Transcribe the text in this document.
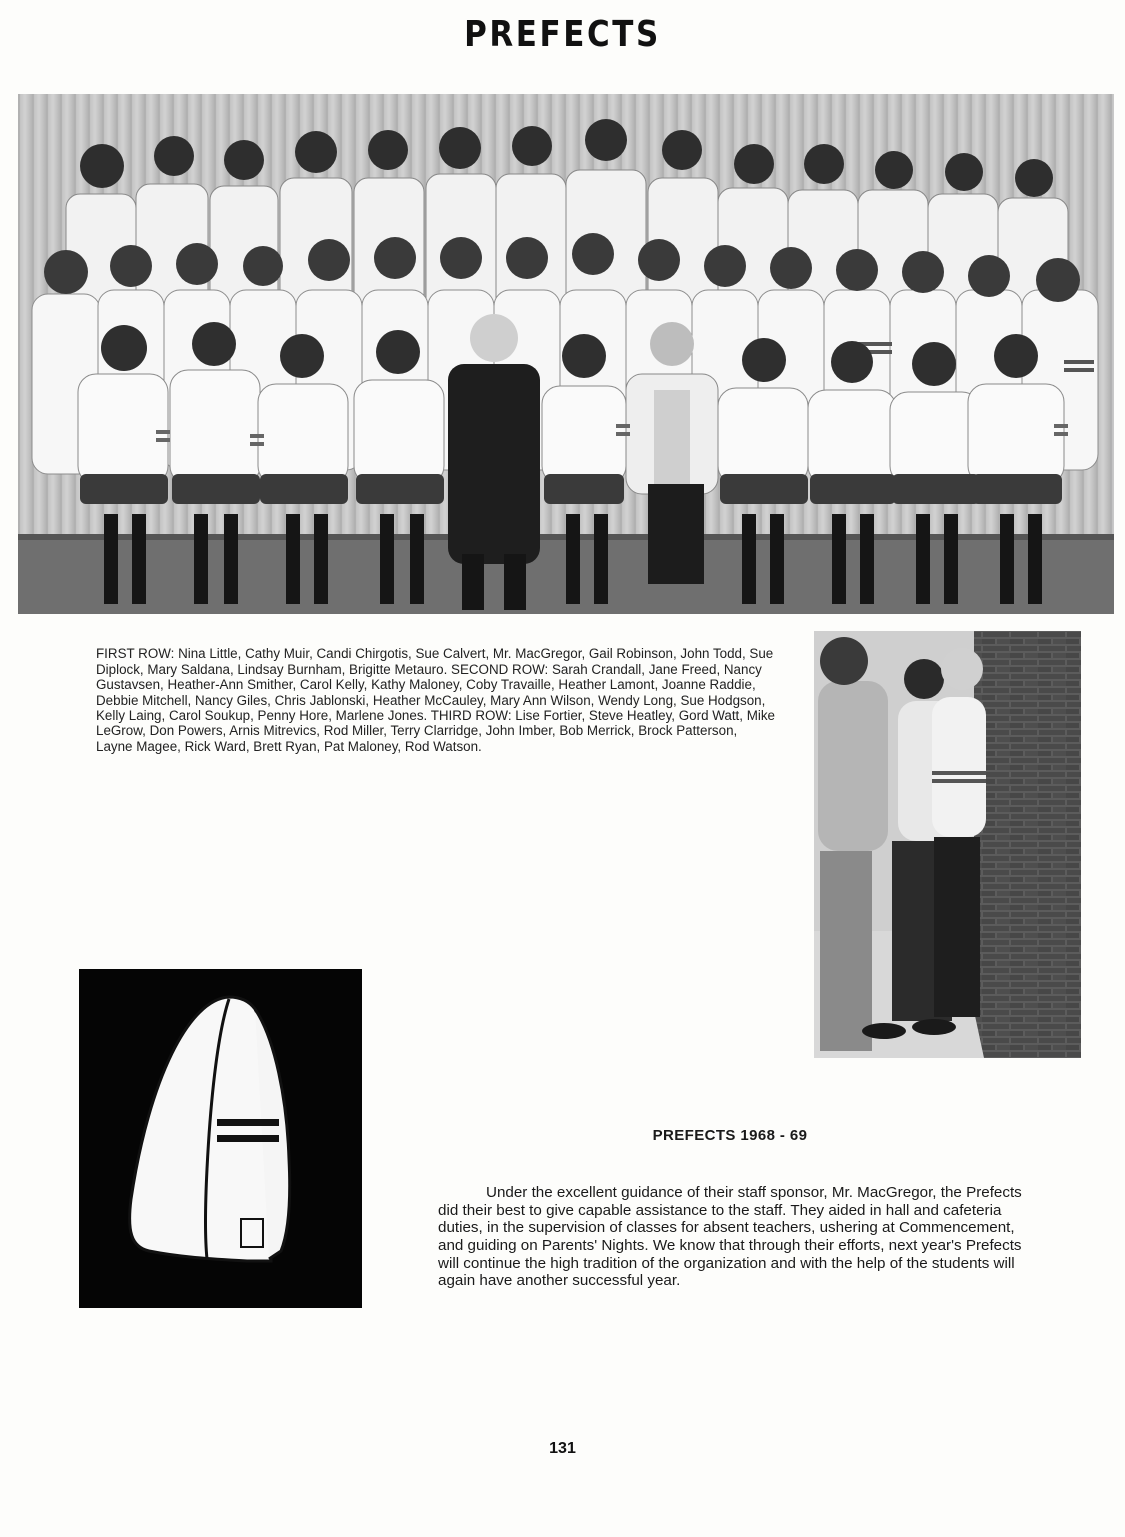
PREFECTS

FIRST ROW: Nina Little, Cathy Muir, Candi Chirgotis, Sue Calvert, Mr. MacGregor, Gail Robinson, John Todd, Sue Diplock, Mary Saldana, Lindsay Burnham, Brigitte Metauro. SECOND ROW: Sarah Crandall, Jane Freed, Nancy Gustavsen, Heather-Ann Smither, Carol Kelly, Kathy Maloney, Coby Travaille, Heather Lamont, Joanne Raddie, Debbie Mitchell, Nancy Giles, Chris Jablonski, Heather McCauley, Mary Ann Wilson, Wendy Long, Sue Hodgson, Kelly Laing, Carol Soukup, Penny Hore, Marlene Jones. THIRD ROW: Lise Fortier, Steve Heatley, Gord Watt, Mike LeGrow, Don Powers, Arnis Mitrevics, Rod Miller, Terry Clarridge, John Imber, Bob Merrick, Brock Patterson, Layne Magee, Rick Ward, Brett Ryan, Pat Maloney, Rod Watson.

PREFECTS 1968 - 69

Under the excellent guidance of their staff sponsor, Mr. MacGregor, the Prefects did their best to give capable assistance to the staff. They aided in hall and cafeteria duties, in the supervision of classes for absent teachers, ushering at Commencement, and guiding on Parents' Nights. We know that through their efforts, next year's Prefects will continue the high tradition of the organization and with the help of the students will again have another successful year.

131
